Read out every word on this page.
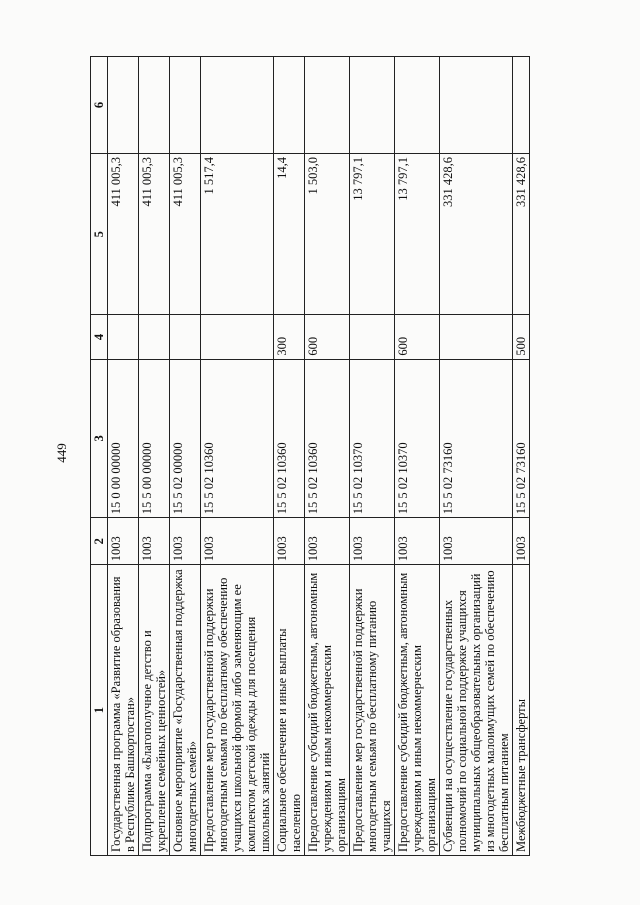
449
1	2	3	4	5	6
Государственная программа «Развитие образования в Республике Башкортостан»	1003	15 0 00 00000		411 005,3	
Подпрограмма «Благополучное детство и укрепление семейных ценностей»	1003	15 5 00 00000		411 005,3	
Основное мероприятие «Государственная поддержка многодетных семей»	1003	15 5 02 00000		411 005,3	
Предоставление мер государственной поддержки многодетным семьям по бесплатному обеспечению учащихся школьной формой либо заменяющим ее комплектом детской одежды для посещения школьных занятий	1003	15 5 02 10360		1 517,4	
Социальное обеспечение и иные выплаты населению	1003	15 5 02 10360	300	14,4	
Предоставление субсидий бюджетным, автономным учреждениям и иным некоммерческим организациям	1003	15 5 02 10360	600	1 503,0	
Предоставление мер государственной поддержки многодетным семьям по бесплатному питанию учащихся	1003	15 5 02 10370		13 797,1	
Предоставление субсидий бюджетным, автономным учреждениям и иным некоммерческим организациям	1003	15 5 02 10370	600	13 797,1	
Субвенции на осуществление государственных полномочий по социальной поддержке учащихся муниципальных общеобразовательных организаций из многодетных малоимущих семей по обеспечению бесплатным питанием	1003	15 5 02 73160		331 428,6	
Межбюджетные трансферты	1003	15 5 02 73160	500	331 428,6	
